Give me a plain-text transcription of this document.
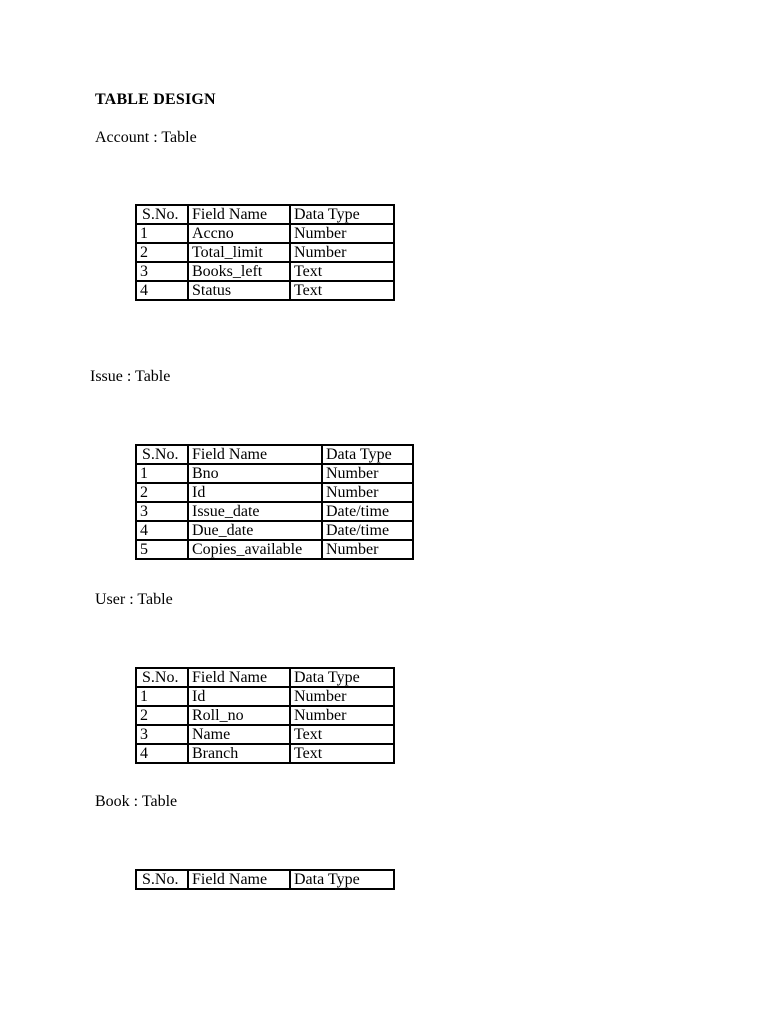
TABLE DESIGN
Account : Table
S.No.	Field Name	Data Type
1	Accno	Number
2	Total_limit	Number
3	Books_left	Text
4	Status	Text
Issue : Table
S.No.	Field Name	Data Type
1	Bno	Number
2	Id	Number
3	Issue_date	Date/time
4	Due_date	Date/time
5	Copies_available	Number
User : Table
S.No.	Field Name	Data Type
1	Id	Number
2	Roll_no	Number
3	Name	Text
4	Branch	Text
Book : Table
S.No.	Field Name	Data Type
